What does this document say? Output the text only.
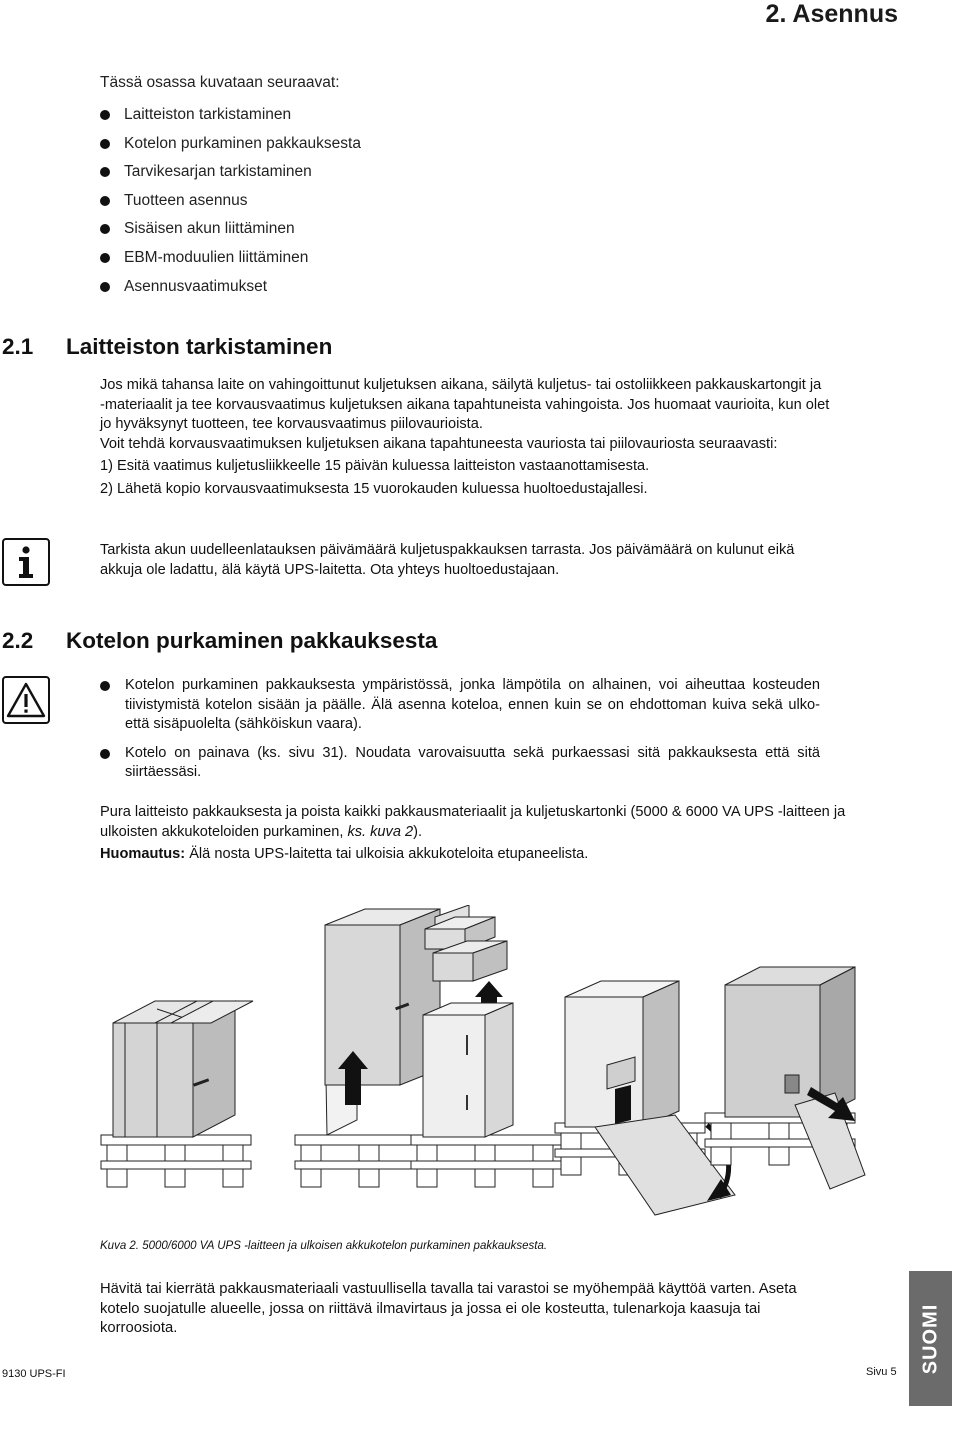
2. Asennus
Tässä osassa kuvataan seuraavat:
Laitteiston tarkistaminen
Kotelon purkaminen pakkauksesta
Tarvikesarjan tarkistaminen
Tuotteen asennus
Sisäisen akun liittäminen
EBM-moduulien liittäminen
Asennusvaatimukset
2.1 Laitteiston tarkistaminen

Jos mikä tahansa laite on vahingoittunut kuljetuksen aikana, säilytä kuljetus- tai ostoliikkeen pakkauskartongit ja -materiaalit ja tee korvausvaatimus kuljetuksen aikana tapahtuneista vahingoista. Jos huomaat vaurioita, kun olet jo hyväksynyt tuotteen, tee korvausvaatimus piilovaurioista.

Voit tehdä korvausvaatimuksen kuljetuksen aikana tapahtuneesta vauriosta tai piilovauriosta seuraavasti:

1) Esitä vaatimus kuljetusliikkeelle 15 päivän kuluessa laitteiston vastaanottamisesta.

2) Lähetä kopio korvausvaatimuksesta 15 vuorokauden kuluessa huoltoedustajallesi.

Tarkista akun uudelleenlatauksen päivämäärä kuljetuspakkauksen tarrasta. Jos päivämäärä on kulunut eikä akkuja ole ladattu, älä käytä UPS-laitetta. Ota yhteys huoltoedustajaan.
2.2 Kotelon purkaminen pakkauksesta
Kotelon purkaminen pakkauksesta ympäristössä, jonka lämpötila on alhainen, voi aiheuttaa kosteuden tiivistymistä kotelon sisään ja päälle. Älä asenna koteloa, ennen kuin se on ehdottoman kuiva sekä ulko- että sisäpuolelta (sähköiskun vaara).
Kotelo on painava (ks. sivu 31). Noudata varovaisuutta sekä purkaessasi sitä pakkauksesta että sitä siirtäessäsi.

Pura laitteisto pakkauksesta ja poista kaikki pakkausmateriaalit ja kuljetuskartonki (5000 & 6000 VA UPS -laitteen ja ulkoisten akkukoteloiden purkaminen, ks. kuva 2).

Huomautus: Älä nosta UPS-laitetta tai ulkoisia akkukoteloita etupaneelista.

Kuva 2. 5000/6000 VA UPS -laitteen ja ulkoisen akkukotelon purkaminen pakkauksesta.
Hävitä tai kierrätä pakkausmateriaali vastuullisella tavalla tai varastoi se myöhempää käyttöä varten. Aseta kotelo suojatulle alueelle, jossa on riittävä ilmavirtaus ja jossa ei ole kosteutta, tulenarkoja kaasuja tai korroosiota.
9130 UPS-FI	Sivu 5 SUOMI
